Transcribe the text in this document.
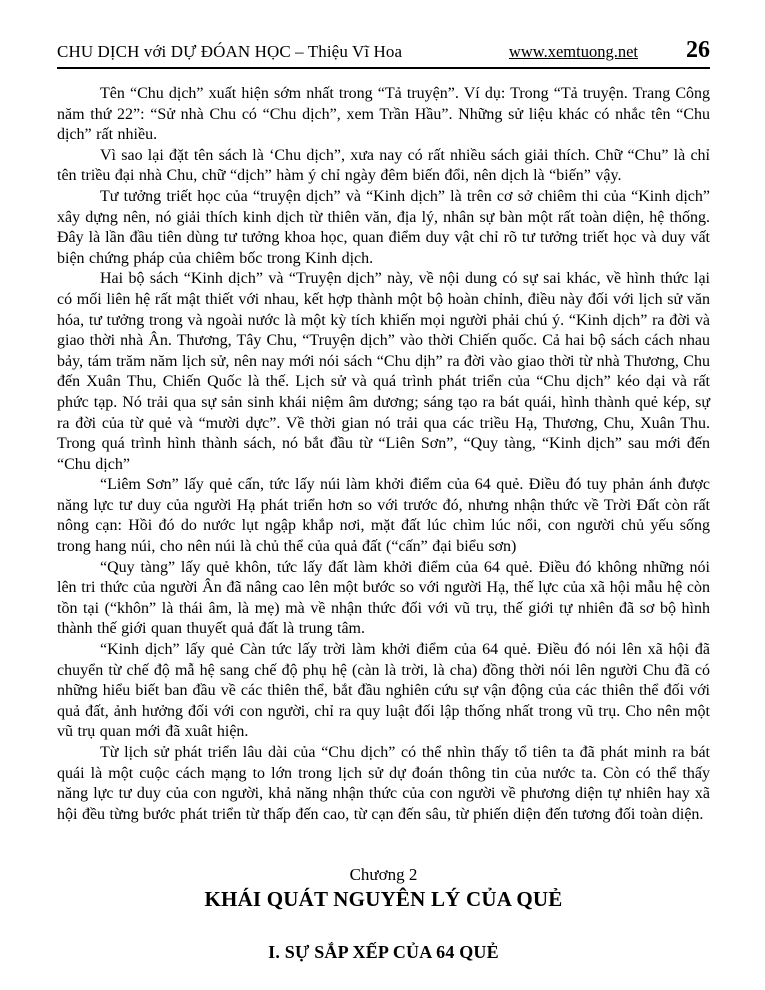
CHU DỊCH với DỰ ĐÓAN HỌC – Thiệu Vĩ Hoa	www.xemtuong.net 26

Tên “Chu dịch” xuất hiện sớm nhất trong “Tả truyện”. Ví dụ: Trong “Tả truyện. Trang Công năm thứ 22”: “Sử nhà Chu có “Chu dịch”, xem Trần Hầu”. Những sử liệu khác có nhắc tên “Chu dịch” rất nhiều.

Vì sao lại đặt tên sách là ‘Chu dịch”, xưa nay có rất nhiều sách giải thích. Chữ “Chu” là chỉ tên triều đại nhà Chu, chữ “dịch” hàm ý chỉ ngày đêm biến đổi, nên dịch là “biến” vậy.

Tư tưởng triết học của “truyện dịch” và “Kinh dịch” là trên cơ sở chiêm thi của “Kinh dịch” xây dựng nên, nó giải thích kinh dịch từ thiên văn, địa lý, nhân sự bàn một rất toàn diện, hệ thống. Đây là lần đầu tiên dùng tư tưởng khoa học, quan điểm duy vật chỉ rõ tư tưởng triết học và duy vất biện chứng pháp của chiêm bốc trong Kinh dịch.

Hai bộ sách “Kinh dịch” và “Truyện dịch” này, về nội dung có sự sai khác, về hình thức lại có mối liên hệ rất mật thiết với nhau, kết hợp thành một bộ hoàn chỉnh, điều này đối với lịch sử văn hóa, tư tưởng trong và ngoài nước là một kỳ tích khiến mọi người phải chú ý. “Kinh dịch” ra đời và giao thời nhà Ân. Thương, Tây Chu, “Truyện dịch” vào thời Chiến quốc. Cả hai bộ sách cách nhau bảy, tám trăm năm lịch sử, nên nay mới nói sách “Chu dịh” ra đời vào giao thời từ nhà Thương, Chu đến Xuân Thu, Chiến Quốc là thế. Lịch sử và quá trình phát triển của “Chu dịch” kéo dại và rất phức tạp. Nó trải qua sự sản sinh khái niệm âm dương; sáng tạo ra bát quái, hình thành quẻ kép, sự ra đời của từ quẻ và “mười dực”. Về thời gian nó trải qua các triều Hạ, Thương, Chu, Xuân Thu. Trong quá trình hình thành sách, nó bắt đầu từ “Liên Sơn”, “Quy tàng, “Kinh dịch” sau mới đến “Chu dịch”

“Liêm Sơn” lấy quẻ cấn, tức lấy núi làm khởi điểm của 64 quẻ. Điều đó tuy phản ánh được năng lực tư duy của người Hạ phát triển hơn so với trước đó, nhưng nhận thức về Trời Đất còn rất nông cạn: Hồi đó do nước lụt ngập khắp nơi, mặt đất lúc chìm lúc nổi, con người chủ yếu sống trong hang núi, cho nên núi là chủ thể của quả đất (“cấn” đại biểu sơn)

“Quy tàng” lấy quẻ khôn, tức lấy đất làm khởi điểm của 64 quẻ. Điều đó không những nói lên tri thức của người Ân đã nâng cao lên một bước so với người Hạ, thế lực của xã hội mẫu hệ còn tồn tại (“khôn” là thái âm, là mẹ) mà về nhận thức đối với vũ trụ, thế giới tự nhiên đã sơ bộ hình thành thế giới quan thuyết quả đất là trung tâm.

“Kinh dịch” lấy quẻ Càn tức lấy trời làm khởi điểm của 64 quẻ. Điều đó nói lên xã hội đã chuyển từ chế độ mẫ hệ sang chế độ phụ hệ (càn là trời, là cha) đồng thời nói lên người Chu đã có những hiểu biết ban đầu về các thiên thể, bắt đầu nghiên cứu sự vận động của các thiên thể đối với quả đất, ảnh hưởng đối với con người, chỉ ra quy luật đối lập thống nhất trong vũ trụ. Cho nên một vũ trụ quan mới đã xuât hiện.

Từ lịch sử phát triển lâu dài của “Chu dịch” có thể nhìn thấy tổ tiên ta đã phát minh ra bát quái là một cuộc cách mạng to lớn trong lịch sử dự đoán thông tin của nước ta. Còn có thể thấy năng lực tư duy của con người, khả năng nhận thức của con người về phương diện tự nhiên hay xã hội đều từng bước phát triển từ thấp đến cao, từ cạn đến sâu, từ phiến diện đến tương đối toàn diện.

Chương 2
KHÁI QUÁT NGUYÊN LÝ CỦA QUẺ
I. SỰ SẮP XẾP CỦA 64 QUẺ
